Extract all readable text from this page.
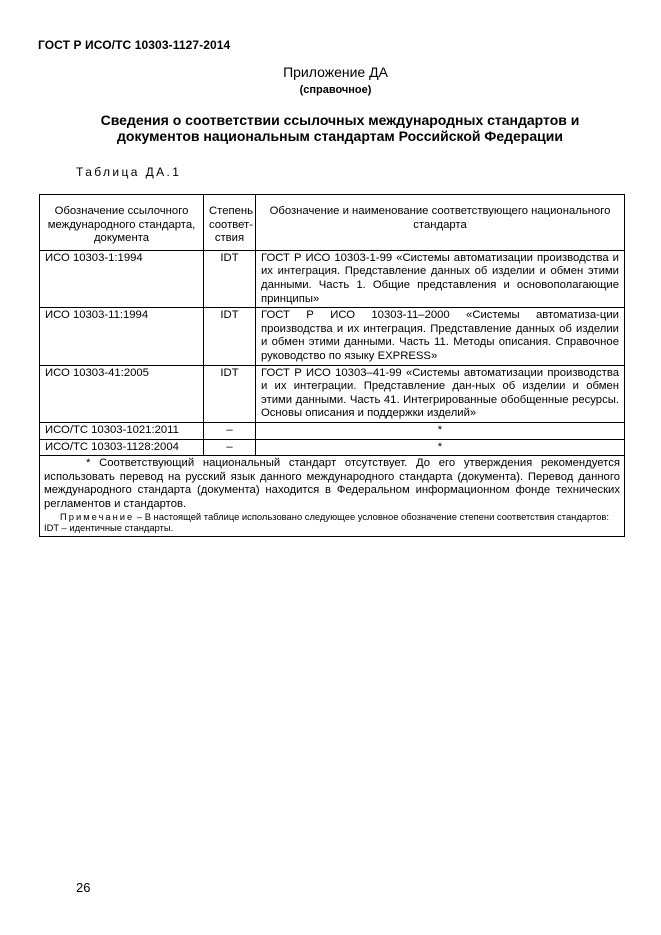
ГОСТ Р ИСО/ТС 10303-1127-2014
Приложение ДА
(справочное)
Сведения о соответствии ссылочных международных стандартов и
документов национальным стандартам Российской Федерации
Таблица ДА.1
Обозначение ссылочного международного стандарта, документа	Степень соответ-ствия	Обозначение и наименование соответствующего национального стандарта
ИСО 10303-1:1994	IDT	ГОСТ Р ИСО 10303-1-99 «Системы автоматизации производства и их интеграция. Представление данных об изделии и обмен этими данными. Часть 1. Общие представления и основополагающие принципы»
ИСО 10303-11:1994	IDT	ГОСТ Р ИСО 10303-11–2000 «Системы автоматиза-ции производства и их интеграция. Представление данных об изделии и обмен этими данными. Часть 11. Методы описания. Справочное руководство по языку EXPRESS»
ИСО 10303-41:2005	IDT	ГОСТ Р ИСО 10303–41-99 «Системы автоматизации производства и их интеграции. Представление дан-ных об изделии и обмен этими данными. Часть 41. Интегрированные обобщенные ресурсы. Основы описания и поддержки изделий»
ИСО/ТС 10303-1021:2011	–	*
ИСО/ТС 10303-1128:2004	–	*

* Соответствующий национальный стандарт отсутствует. До его утверждения рекомендуется использовать перевод на русский язык данного международного стандарта (документа). Перевод данного международного стандарта (документа) находится в Федеральном информационном фонде технических регламентов и стандартов.
Примечание – В настоящей таблице использовано следующее условное обозначение степени соответствия стандартов:
IDT – идентичные стандарты.		
26
